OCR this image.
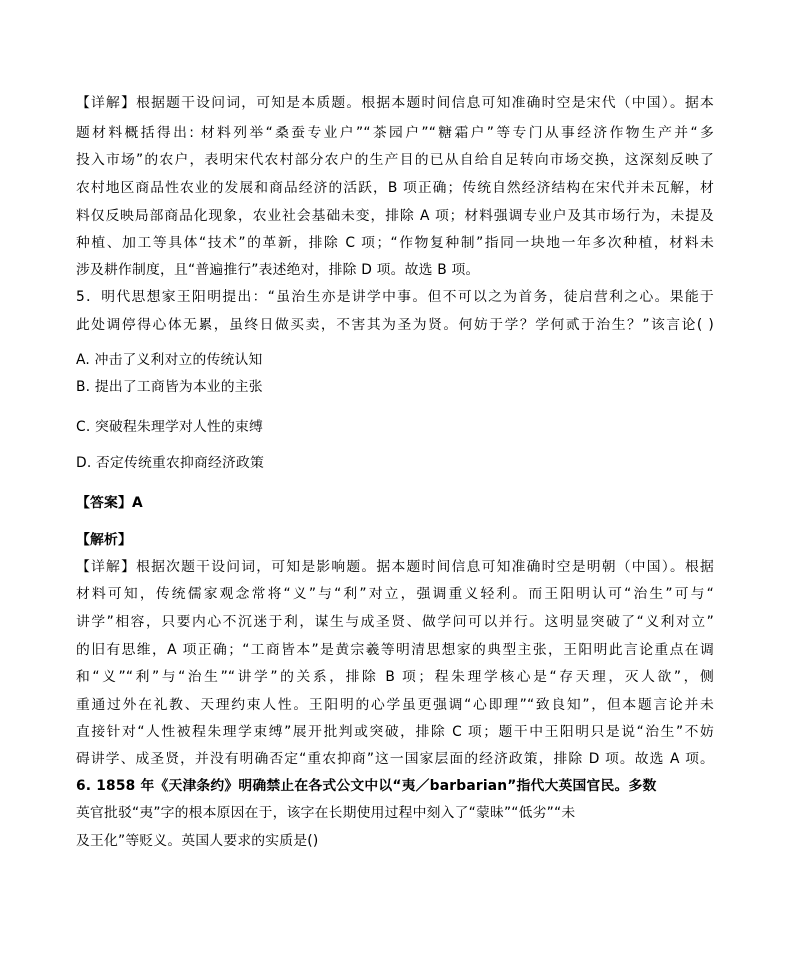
【详解】根据题干设问词，可知是本质题。根据本题时间信息可知准确时空是宋代（中国）。据本
题材料概括得出: 材料列举“桑蚕专业户”“茶园户”“糖霜户”等专门从事经济作物生产并“多
投入市场”的农户，表明宋代农村部分农户的生产目的已从自给自足转向市场交换，这深刻反映了
农村地区商品性农业的发展和商品经济的活跃，B 项正确；传统自然经济结构在宋代并未瓦解，材
料仅反映局部商品化现象，农业社会基础未变，排除 A 项；材料强调专业户及其市场行为，未提及
种植、加工等具体“技术”的革新，排除 C 项；“作物复种制”指同一块地一年多次种植，材料未
涉及耕作制度，且“普遍推行”表述绝对，排除 D 项。故选 B 项。
5．明代思想家王阳明提出：“虽治生亦是讲学中事。但不可以之为首务，徒启营利之心。果能于
此处调停得心体无累，虽终日做买卖，不害其为圣为贤。何妨于学？学何贰于治生？”该言论( )
A. 冲击了义利对立的传统认知
B. 提出了工商皆为本业的主张
C. 突破程朱理学对人性的束缚
D. 否定传统重农抑商经济政策
【答案】A
【解析】
【详解】根据次题干设问词，可知是影响题。据本题时间信息可知准确时空是明朝（中国）。根据
材料可知，传统儒家观念常将“义”与“利”对立，强调重义轻利。而王阳明认可“治生”可与“
讲学”相容，只要内心不沉迷于利，谋生与成圣贤、做学问可以并行。这明显突破了“义利对立”
的旧有思维，A 项正确；“工商皆本”是黄宗羲等明清思想家的典型主张，王阳明此言论重点在调
和“义”“利”与“治生”“讲学”的关系，排除 B 项；程朱理学核心是“存天理，灭人欲”，侧
重通过外在礼教、天理约束人性。王阳明的心学虽更强调“心即理”“致良知”，但本题言论并未
直接针对“人性被程朱理学束缚”展开批判或突破，排除 C 项；题干中王阳明只是说“治生”不妨
碍讲学、成圣贤，并没有明确否定“重农抑商”这一国家层面的经济政策，排除 D 项。故选 A 项。
6. 1858 年《天津条约》明确禁止在各式公文中以“夷／barbarian”指代大英国官民。多数
英官批驳“夷”字的根本原因在于，该字在长期使用过程中刻入了“蒙昧”“低劣”“未
及王化”等贬义。英国人要求的实质是()
